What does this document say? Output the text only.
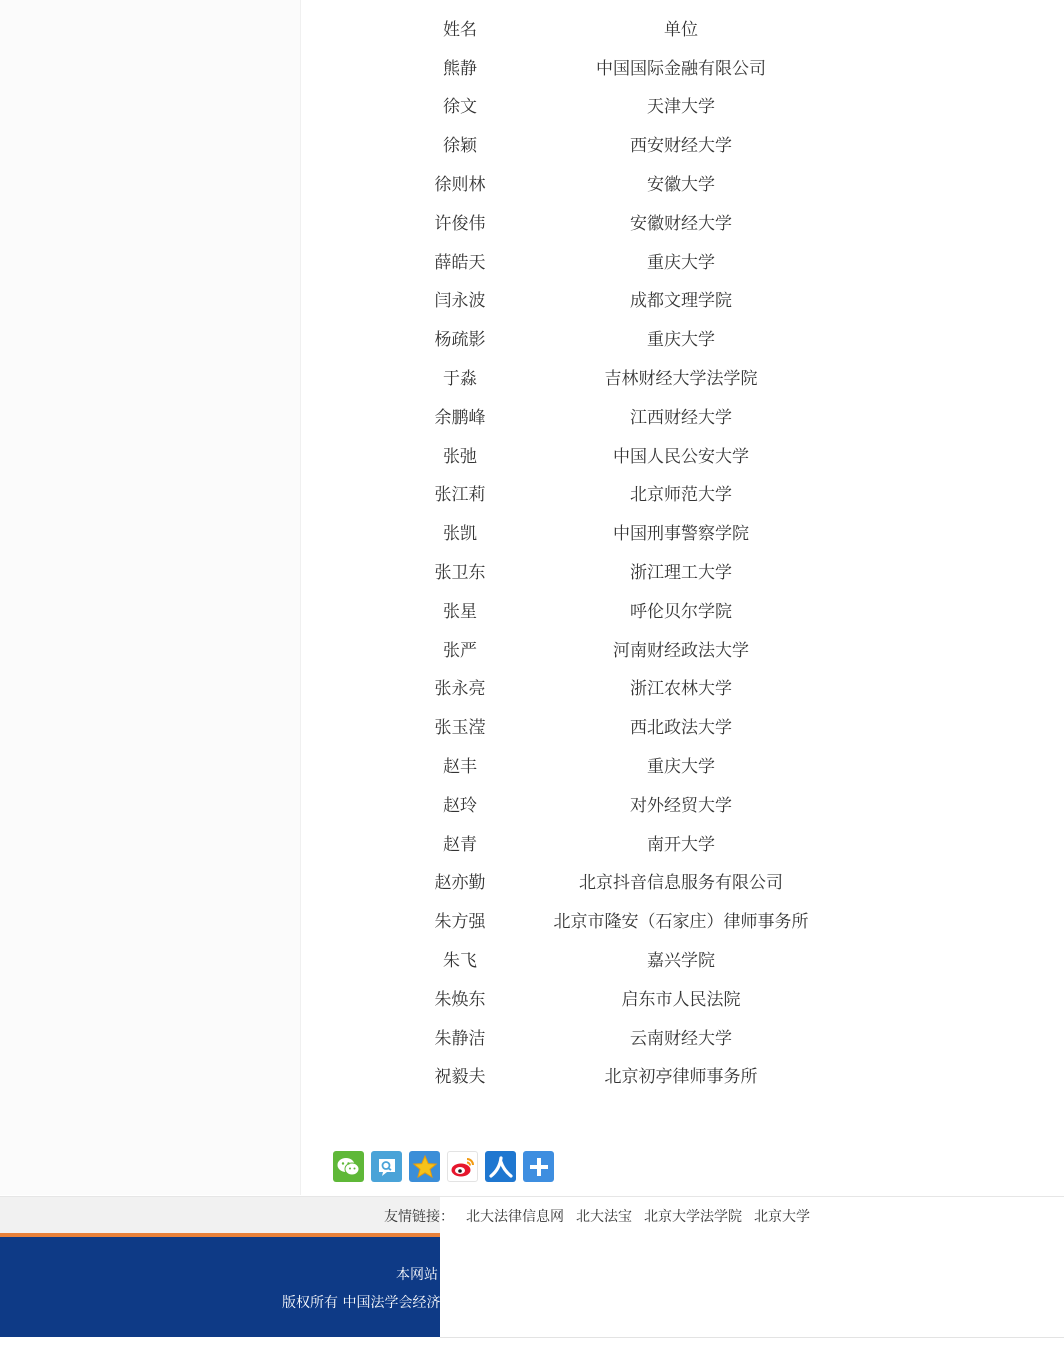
姓名	单位
熊静	中国国际金融有限公司
徐文	天津大学
徐颖	西安财经大学
徐则林	安徽大学
许俊伟	安徽财经大学
薛皓天	重庆大学
闫永波	成都文理学院
杨疏影	重庆大学
于淼	吉林财经大学法学院
余鹏峰	江西财经大学
张弛	中国人民公安大学
张江莉	北京师范大学
张凯	中国刑事警察学院
张卫东	浙江理工大学
张星	呼伦贝尔学院
张严	河南财经政法大学
张永亮	浙江农林大学
张玉滢	西北政法大学
赵丰	重庆大学
赵玲	对外经贸大学
赵青	南开大学
赵亦勤	北京抖音信息服务有限公司
朱方强	北京市隆安（石家庄）律师事务所
朱飞	嘉兴学院
朱焕东	启东市人民法院
朱静洁	云南财经大学
祝毅夫	北京初亭律师事务所
友情链接： 北大法律信息网 北大法宝 北京大学法学院 北京大学
本网站
版权所有 中国法学会经济
